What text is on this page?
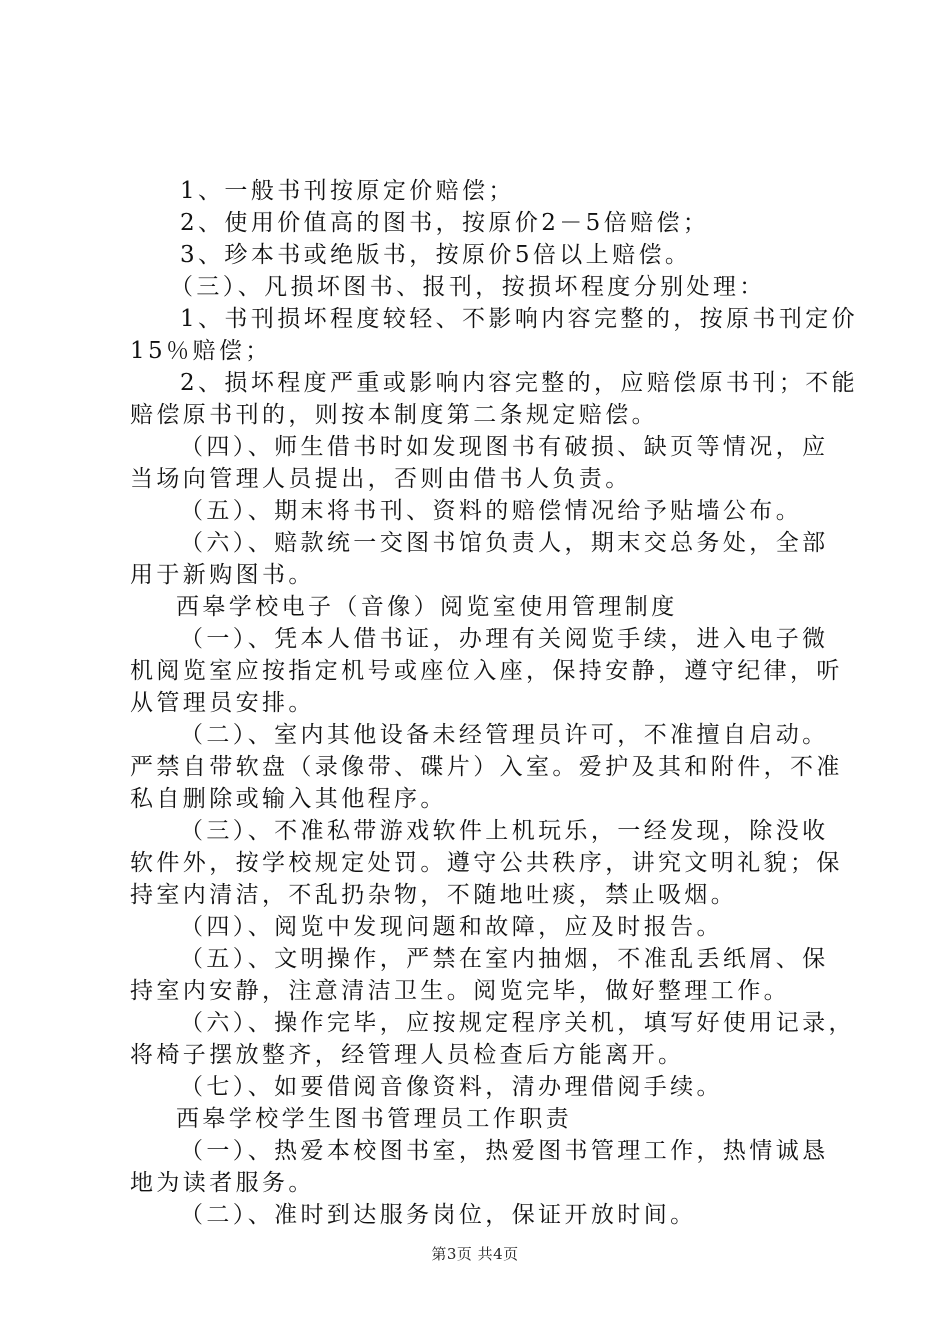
1、一般书刊按原定价赔偿；
2、使用价值高的图书，按原价2－5倍赔偿；
3、珍本书或绝版书，按原价5倍以上赔偿。
（三）、凡损坏图书、报刊，按损坏程度分别处理：
1、书刊损坏程度较轻、不影响内容完整的，按原书刊定价
15％赔偿；
2、损坏程度严重或影响内容完整的，应赔偿原书刊；不能
赔偿原书刊的，则按本制度第二条规定赔偿。
（四）、师生借书时如发现图书有破损、缺页等情况，应
当场向管理人员提出，否则由借书人负责。
（五）、期末将书刊、资料的赔偿情况给予贴墙公布。
（六）、赔款统一交图书馆负责人，期末交总务处，全部
用于新购图书。
西皋学校电子（音像）阅览室使用管理制度
（一）、凭本人借书证，办理有关阅览手续，进入电子微
机阅览室应按指定机号或座位入座，保持安静，遵守纪律，听
从管理员安排。
（二）、室内其他设备未经管理员许可，不准擅自启动。
严禁自带软盘（录像带、碟片）入室。爱护及其和附件，不准
私自删除或输入其他程序。
（三）、不准私带游戏软件上机玩乐，一经发现，除没收
软件外，按学校规定处罚。遵守公共秩序，讲究文明礼貌；保
持室内清洁，不乱扔杂物，不随地吐痰，禁止吸烟。
（四）、阅览中发现问题和故障，应及时报告。
（五）、文明操作，严禁在室内抽烟，不准乱丢纸屑、保
持室内安静，注意清洁卫生。阅览完毕，做好整理工作。
（六）、操作完毕，应按规定程序关机，填写好使用记录，
将椅子摆放整齐，经管理人员检查后方能离开。
（七）、如要借阅音像资料，清办理借阅手续。
西皋学校学生图书管理员工作职责
（一）、热爱本校图书室，热爱图书管理工作，热情诚恳
地为读者服务。
（二）、准时到达服务岗位，保证开放时间。
第3页 共4页
